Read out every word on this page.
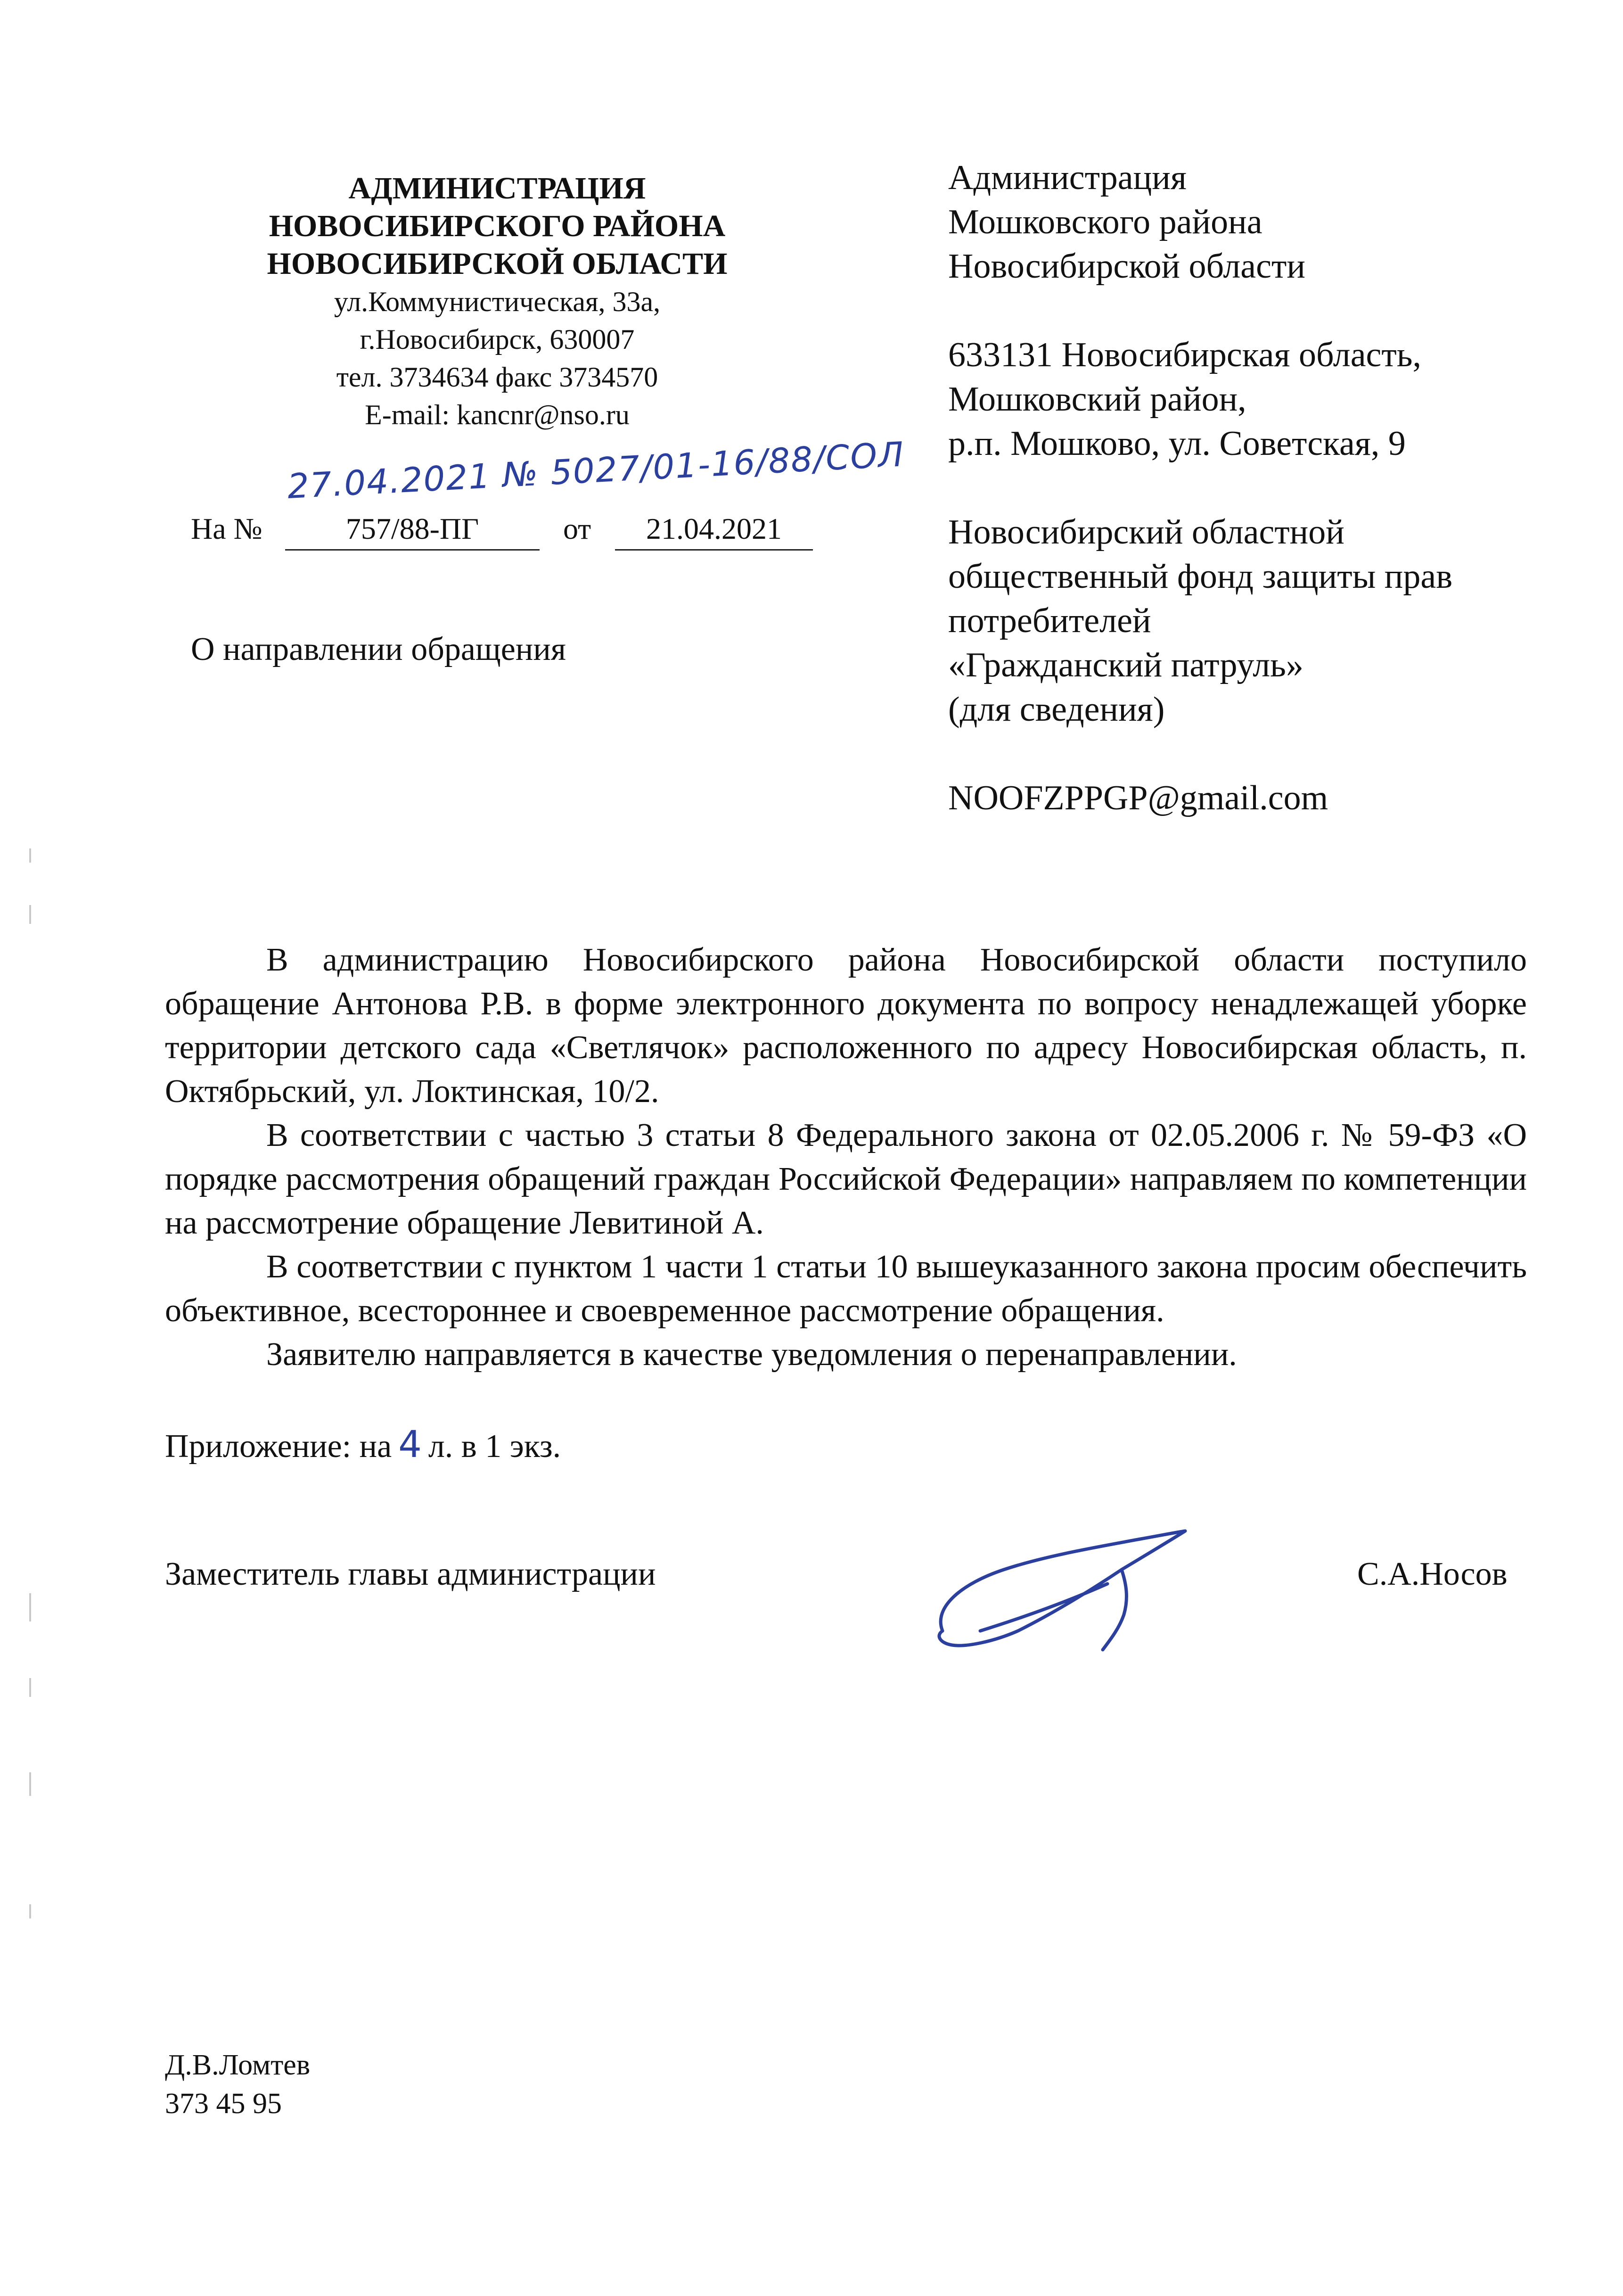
АДМИНИСТРАЦИЯ
НОВОСИБИРСКОГО РАЙОНА
НОВОСИБИРСКОЙ ОБЛАСТИ
ул.Коммунистическая, 33а,
г.Новосибирск, 630007
тел. 3734634 факс 3734570
E-mail: kancnr@nso.ru
Администрация
Мошковского района
Новосибирской области
633131 Новосибирская область,
Мошковский район,
р.п. Мошково, ул. Советская, 9
Новосибирский областной
общественный фонд защиты прав
потребителей
«Гражданский патруль»
(для сведения)
NOOFZPPGP@gmail.com
27.04.2021 № 5027/01-16/88/СОЛ
На №	757/88-ПГ	от	21.04.2021
О направлении обращения

В администрацию Новосибирского района Новосибирской области поступило обращение Антонова Р.В. в форме электронного документа по вопросу ненадлежащей уборке территории детского сада «Светлячок» расположенного по адресу Новосибирская область, п. Октябрьский, ул. Локтинская, 10/2.

В соответствии с частью 3 статьи 8 Федерального закона от 02.05.2006 г. № 59-ФЗ «О порядке рассмотрения обращений граждан Российской Федерации» направляем по компетенции на рассмотрение обращение Левитиной А.

В соответствии с пунктом 1 части 1 статьи 10 вышеуказанного закона просим обеспечить объективное, всестороннее и своевременное рассмотрение обращения.

Заявителю направляется в качестве уведомления о перенаправлении.

Приложение: на 4 л. в 1 экз.
Заместитель главы администрации	С.А.Носов
Д.В.Ломтев
373 45 95
